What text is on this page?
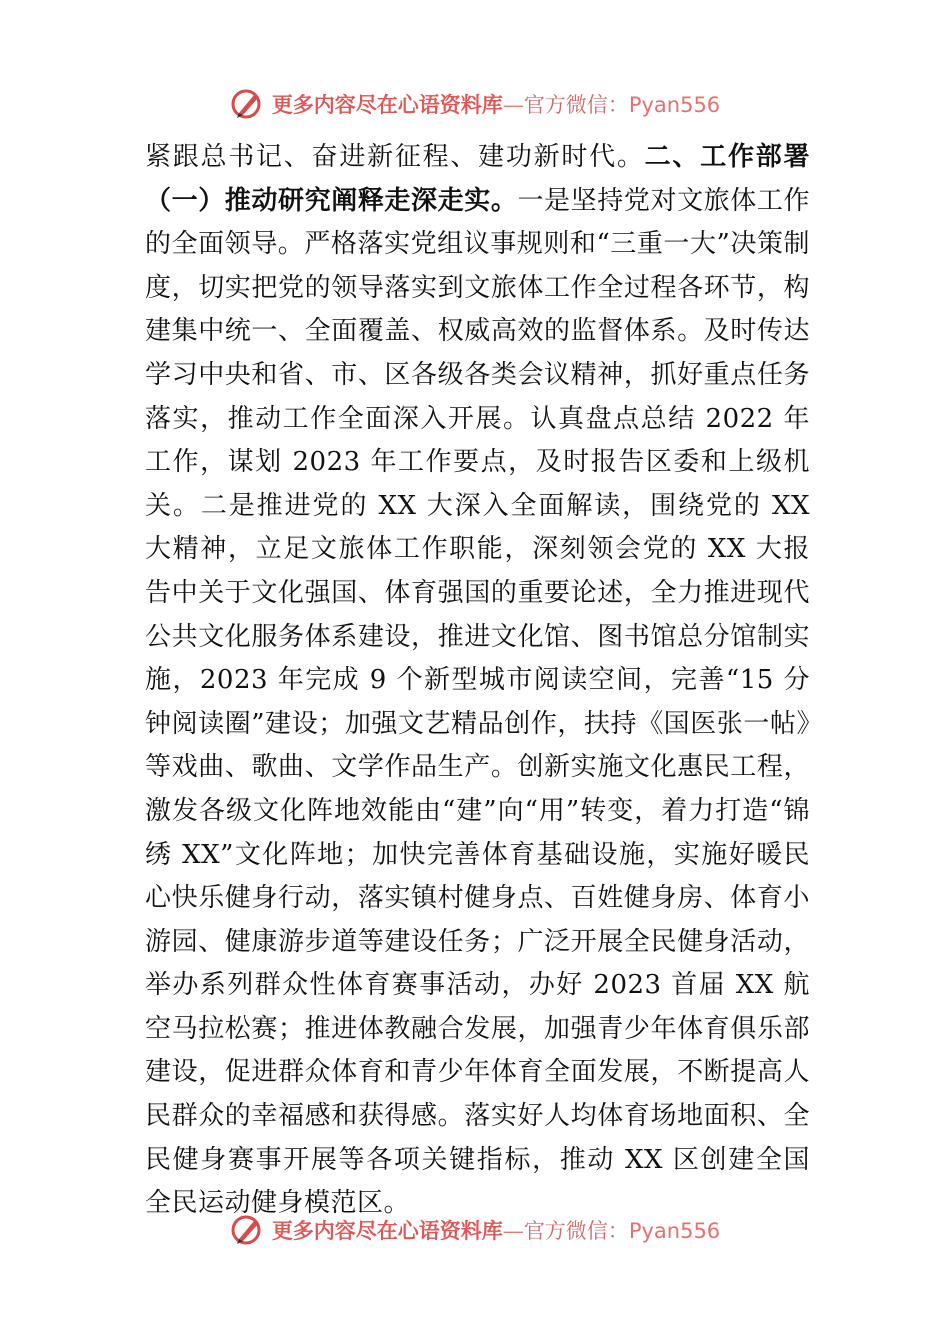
更多内容尽在心语资料库—官方微信：Pyan556

紧跟总书记、奋进新征程、建功新时代。二、工作部署（一）推动研究阐释走深走实。一是坚持党对文旅体工作的全面领导。严格落实党组议事规则和“三重一大”决策制度，切实把党的领导落实到文旅体工作全过程各环节，构建集中统一、全面覆盖、权威高效的监督体系。及时传达学习中央和省、市、区各级各类会议精神，抓好重点任务落实，推动工作全面深入开展。认真盘点总结 2022 年工作，谋划 2023 年工作要点，及时报告区委和上级机关。二是推进党的 XX 大深入全面解读，围绕党的 XX 大精神，立足文旅体工作职能，深刻领会党的 XX 大报告中关于文化强国、体育强国的重要论述，全力推进现代公共文化服务体系建设，推进文化馆、图书馆总分馆制实施，2023 年完成 9 个新型城市阅读空间，完善“15 分钟阅读圈”建设；加强文艺精品创作，扶持《国医张一帖》等戏曲、歌曲、文学作品生产。创新实施文化惠民工程，激发各级文化阵地效能由“建”向“用”转变，着力打造“锦绣 XX”文化阵地；加快完善体育基础设施，实施好暖民心快乐健身行动，落实镇村健身点、百姓健身房、体育小游园、健康游步道等建设任务；广泛开展全民健身活动，举办系列群众性体育赛事活动，办好 2023 首届 XX 航空马拉松赛；推进体教融合发展，加强青少年体育俱乐部建设，促进群众体育和青少年体育全面发展，不断提高人民群众的幸福感和获得感。落实好人均体育场地面积、全民健身赛事开展等各项关键指标，推动 XX 区创建全国全民运动健身模范区。

更多内容尽在心语资料库—官方微信：Pyan556
